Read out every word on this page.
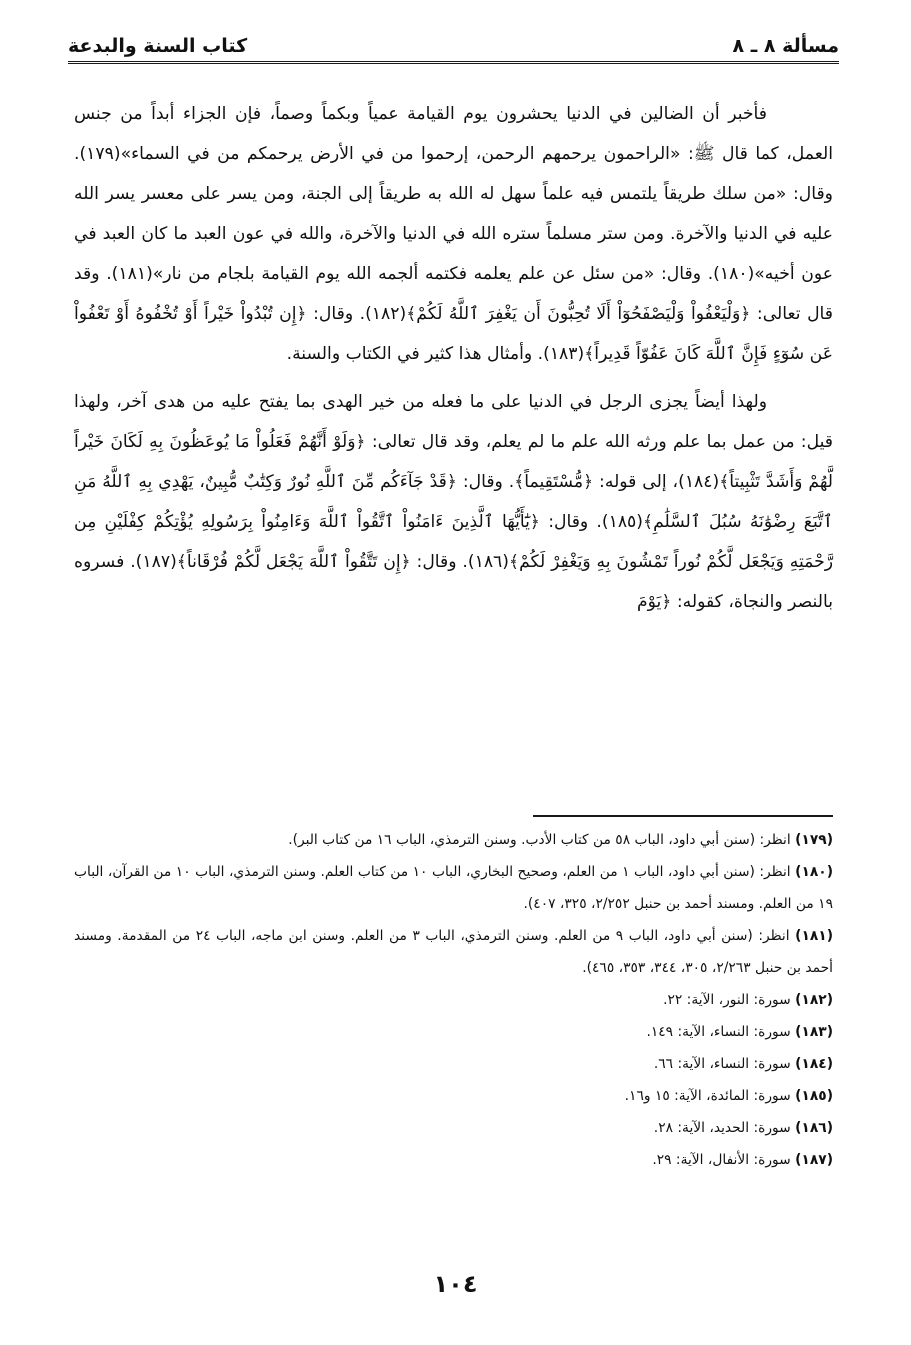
مسألة ٨ ـ ٨
كتاب السنة والبدعة

فأخبر أن الضالين في الدنيا يحشرون يوم القيامة عمياً وبكماً وصماً، فإن الجزاء أبداً من جنس العمل، كما قال ﷺ: «الراحمون يرحمهم الرحمن، إرحموا من في الأرض يرحمكم من في السماء»(١٧٩). وقال: «من سلك طريقاً يلتمس فيه علماً سهل له الله به طريقاً إلى الجنة، ومن يسر على معسر يسر الله عليه في الدنيا والآخرة. ومن ستر مسلماً ستره الله في الدنيا والآخرة، والله في عون العبد ما كان العبد في عون أخيه»(١٨٠). وقال: «من سئل عن علم يعلمه فكتمه ألجمه الله يوم القيامة بلجام من نار»(١٨١). وقد قال تعالى: ﴿وَلْيَعْفُواْ وَلْيَصْفَحُوٓاْ أَلَا تُحِبُّونَ أَن يَغْفِرَ ٱللَّهُ لَكُمْ﴾(١٨٢). وقال: ﴿إِن تُبْدُواْ خَيْراً أَوْ تُخْفُوهُ أَوْ تَعْفُواْ عَن سُوٓءٍ فَإِنَّ ٱللَّهَ كَانَ عَفُوّاً قَدِيراً﴾(١٨٣). وأمثال هذا كثير في الكتاب والسنة.

ولهذا أيضاً يجزى الرجل في الدنيا على ما فعله من خير الهدى بما يفتح عليه من هدى آخر، ولهذا قيل: من عمل بما علم ورثه الله علم ما لم يعلم، وقد قال تعالى: ﴿وَلَوْ أَنَّهُمْ فَعَلُواْ مَا يُوعَظُونَ بِهِ لَكَانَ خَيْراً لَّهُمْ وَأَشَدَّ تَثْبِيتاً﴾(١٨٤)، إلى قوله: ﴿مُّسْتَقِيماً﴾. وقال: ﴿قَدْ جَآءَكُم مِّنَ ٱللَّهِ نُورٌ وَكِتَٰبٌ مُّبِينٌ، يَهْدِي بِهِ ٱللَّهُ مَنِ ٱتَّبَعَ رِضْوَٰنَهُ سُبُلَ ٱلسَّلَٰمِ﴾(١٨٥). وقال: ﴿يَٰٓأَيُّهَا ٱلَّذِينَ ءَامَنُواْ ٱتَّقُواْ ٱللَّهَ وَءَامِنُواْ بِرَسُولِهِ يُؤْتِكُمْ كِفْلَيْنِ مِن رَّحْمَتِهِ وَيَجْعَل لَّكُمْ نُوراً تَمْشُونَ بِهِ وَيَغْفِرْ لَكُمْ﴾(١٨٦). وقال: ﴿إِن تَتَّقُواْ ٱللَّهَ يَجْعَل لَّكُمْ فُرْقَاناً﴾(١٨٧). فسروه بالنصر والنجاة، كقوله: ﴿يَوْمَ

(١٧٩) انظر: (سنن أبي داود، الباب ٥٨ من كتاب الأدب. وسنن الترمذي، الباب ١٦ من كتاب البر).

(١٨٠) انظر: (سنن أبي داود، الباب ١ من العلم، وصحيح البخاري، الباب ١٠ من كتاب العلم. وسنن الترمذي، الباب ١٠ من القرآن، الباب ١٩ من العلم. ومسند أحمد بن حنبل ٢/٢٥٢، ٣٢٥، ٤٠٧).

(١٨١) انظر: (سنن أبي داود، الباب ٩ من العلم. وسنن الترمذي، الباب ٣ من العلم. وسنن ابن ماجه، الباب ٢٤ من المقدمة. ومسند أحمد بن حنبل ٢/٢٦٣، ٣٠٥، ٣٤٤، ٣٥٣، ٤٦٥).

(١٨٢) سورة: النور، الآية: ٢٢.

(١٨٣) سورة: النساء، الآية: ١٤٩.

(١٨٤) سورة: النساء، الآية: ٦٦.

(١٨٥) سورة: المائدة، الآية: ١٥ و١٦.

(١٨٦) سورة: الحديد، الآية: ٢٨.

(١٨٧) سورة: الأنفال، الآية: ٢٩.

١٠٤
